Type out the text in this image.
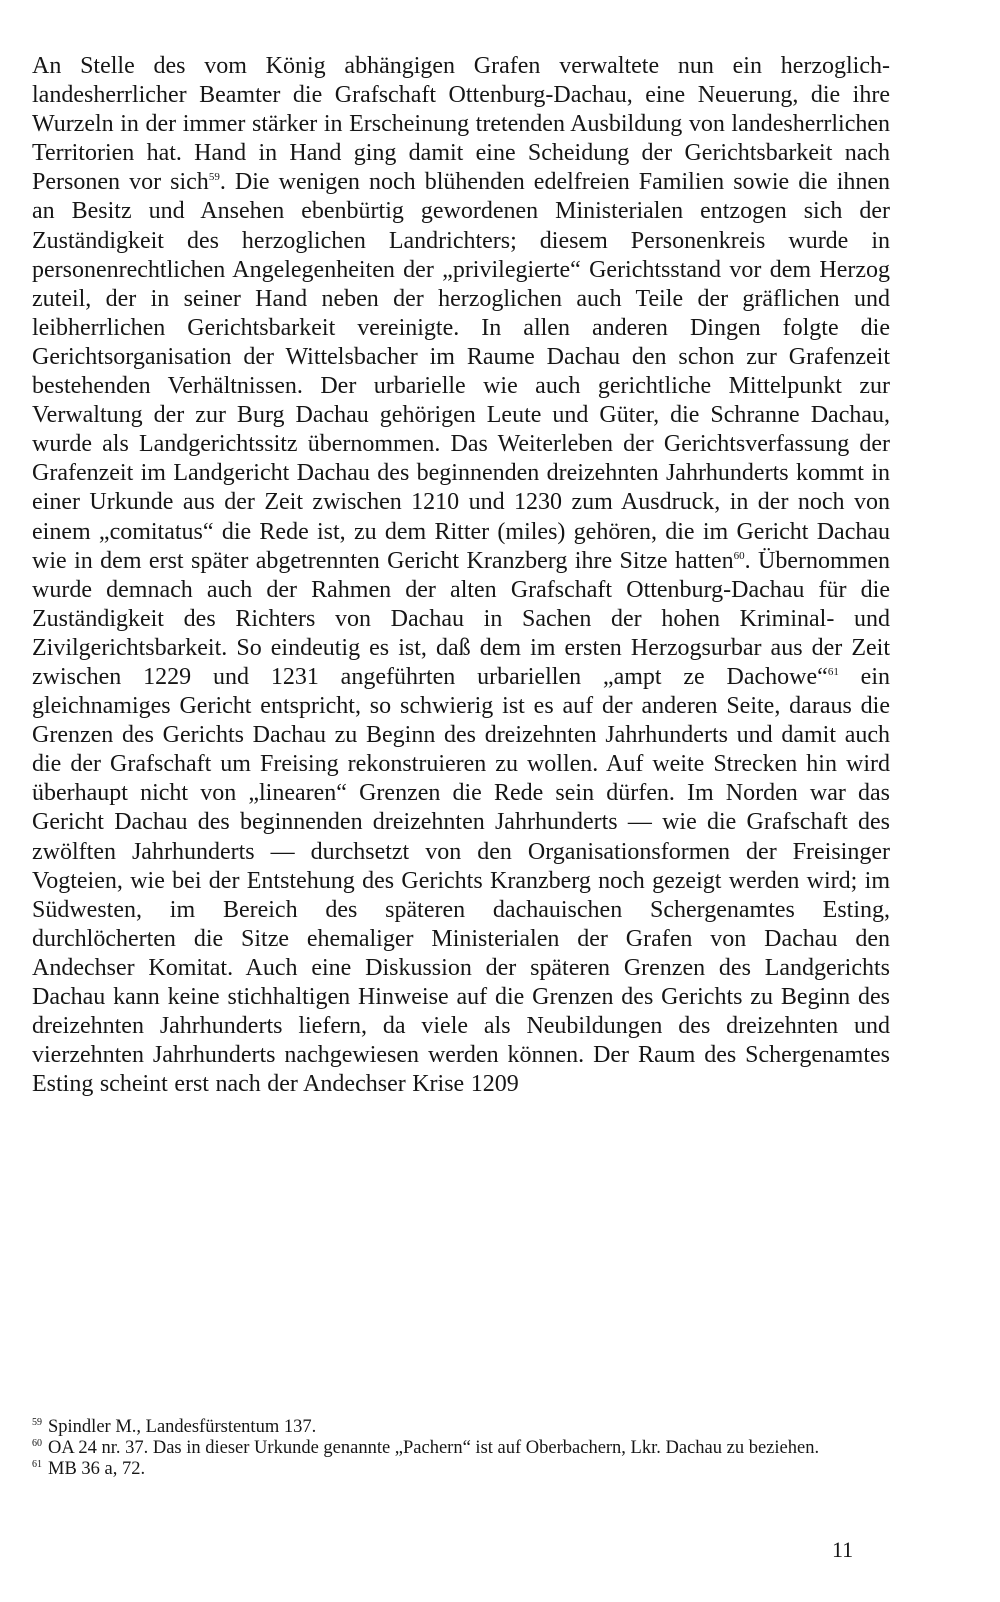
An Stelle des vom König abhängigen Grafen verwaltete nun ein herzoglich-landesherrlicher Beamter die Grafschaft Ottenburg-Dachau, eine Neuerung, die ihre Wurzeln in der immer stärker in Erscheinung tretenden Ausbildung von landesherrlichen Territorien hat. Hand in Hand ging damit eine Scheidung der Gerichtsbarkeit nach Personen vor sich$^{59}$. Die wenigen noch blühenden edelfreien Familien sowie die ihnen an Besitz und Ansehen ebenbürtig gewordenen Ministerialen entzogen sich der Zuständigkeit des herzoglichen Landrichters; diesem Personenkreis wurde in personenrechtlichen Angelegenheiten der „privilegierte“ Gerichtsstand vor dem Herzog zuteil, der in seiner Hand neben der herzoglichen auch Teile der gräflichen und leibherrlichen Gerichtsbarkeit vereinigte. In allen anderen Dingen folgte die Gerichtsorganisation der Wittelsbacher im Raume Dachau den schon zur Grafenzeit bestehenden Verhältnissen. Der urbarielle wie auch gerichtliche Mittelpunkt zur Verwaltung der zur Burg Dachau gehörigen Leute und Güter, die Schranne Dachau, wurde als Landgerichtssitz übernommen. Das Weiterleben der Gerichtsverfassung der Grafenzeit im Landgericht Dachau des beginnenden dreizehnten Jahrhunderts kommt in einer Urkunde aus der Zeit zwischen 1210 und 1230 zum Ausdruck, in der noch von einem „comitatus“ die Rede ist, zu dem Ritter (miles) gehören, die im Gericht Dachau wie in dem erst später abgetrennten Gericht Kranzberg ihre Sitze hatten$^{60}$. Übernommen wurde demnach auch der Rahmen der alten Grafschaft Ottenburg-Dachau für die Zuständigkeit des Richters von Dachau in Sachen der hohen Kriminal- und Zivilgerichtsbarkeit. So eindeutig es ist, daß dem im ersten Herzogsurbar aus der Zeit zwischen 1229 und 1231 angeführten urbariellen „ampt ze Dachowe“$^{61}$ ein gleichnamiges Gericht entspricht, so schwierig ist es auf der anderen Seite, daraus die Grenzen des Gerichts Dachau zu Beginn des dreizehnten Jahrhunderts und damit auch die der Grafschaft um Freising rekonstruieren zu wollen. Auf weite Strecken hin wird überhaupt nicht von „linearen“ Grenzen die Rede sein dürfen. Im Norden war das Gericht Dachau des beginnenden dreizehnten Jahrhunderts — wie die Grafschaft des zwölften Jahrhunderts — durchsetzt von den Organisationsformen der Freisinger Vogteien, wie bei der Entstehung des Gerichts Kranzberg noch gezeigt werden wird; im Südwesten, im Bereich des späteren dachauischen Schergenamtes Esting, durchlöcherten die Sitze ehemaliger Ministerialen der Grafen von Dachau den Andechser Komitat. Auch eine Diskussion der späteren Grenzen des Landgerichts Dachau kann keine stichhaltigen Hinweise auf die Grenzen des Gerichts zu Beginn des dreizehnten Jahrhunderts liefern, da viele als Neubildungen des dreizehnten und vierzehnten Jahrhunderts nachgewiesen werden können. Der Raum des Schergenamtes Esting scheint erst nach der Andechser Krise 1209

$^{59}$ Spindler M., Landesfürstentum 137.

$^{60}$ OA 24 nr. 37. Das in dieser Urkunde genannte „Pachern“ ist auf Oberbachern, Lkr. Dachau zu beziehen.

$^{61}$ MB 36 a, 72.

11
